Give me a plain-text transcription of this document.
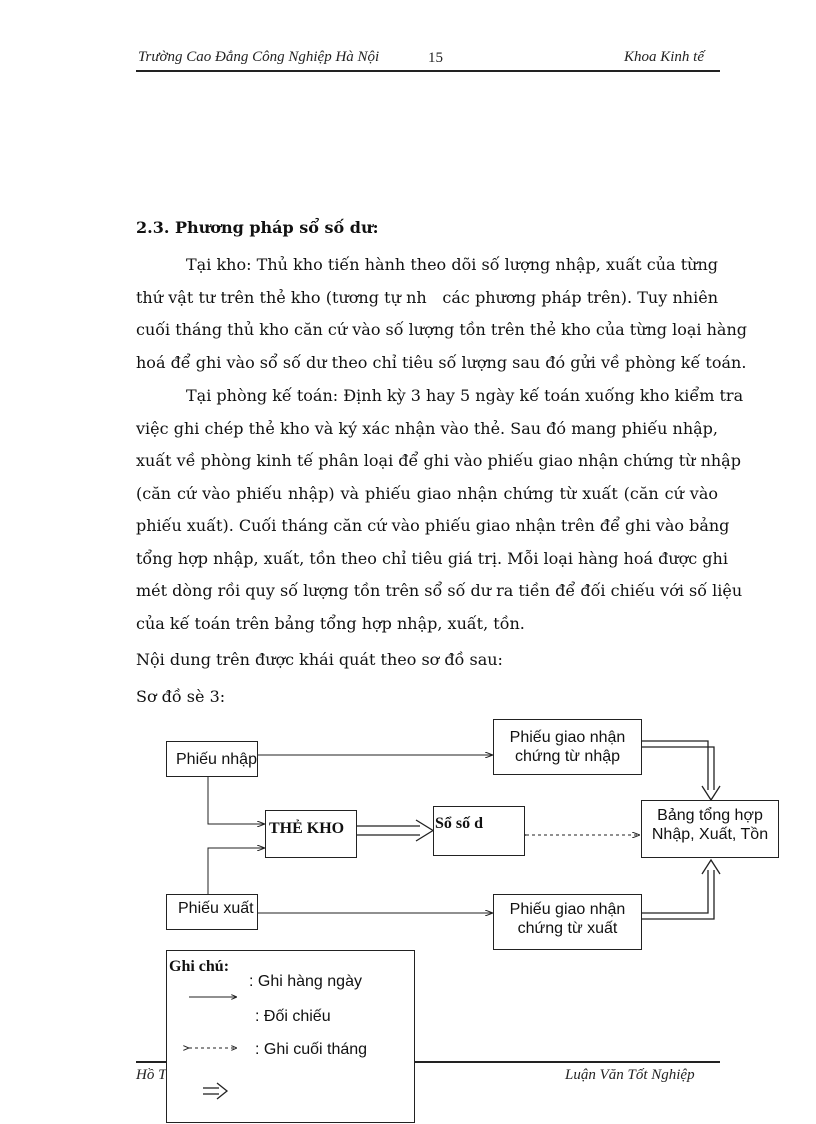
Trường Cao Đẳng Công Nghiệp Hà Nội	15	Khoa Kinh tế
2.3. Phương pháp sổ số dư:
Tại kho: Thủ kho tiến hành theo dõi số lượng nhập, xuất của từng
thứ vật tư trên thẻ kho (tương tự nh   các phương pháp trên). Tuy nhiên
cuối tháng thủ kho căn cứ vào số lượng tồn trên thẻ kho của từng loại hàng
hoá để ghi vào sổ số dư theo chỉ tiêu số lượng sau đó gửi về phòng kế toán.
Tại phòng kế toán: Định kỳ 3 hay 5 ngày kế toán xuống kho kiểm tra
việc ghi chép thẻ kho và ký xác nhận vào thẻ. Sau đó mang phiếu nhập,
xuất về phòng kinh tế phân loại để ghi vào phiếu giao nhận chứng từ nhập
(căn cứ vào phiếu nhập) và phiếu giao nhận chứng từ xuất (căn cứ vào
phiếu xuất). Cuối tháng căn cứ vào phiếu giao nhận trên để ghi vào bảng
tổng hợp nhập, xuất, tồn theo chỉ tiêu giá trị. Mỗi loại hàng hoá được ghi
mét dòng rồi quy số lượng tồn trên sổ số dư ra tiền để đối chiếu với số liệu
của kế toán trên bảng tổng hợp nhập, xuất, tồn.
Nội dung trên được khái quát theo sơ đồ sau:
Sơ đồ sè 3:
Phiếu nhập
Phiếu xuất
THẺ KHO	Sổ số d
Phiếu giao nhận
chứng từ nhập
Phiếu giao nhận
chứng từ xuất
Bảng tổng hợp
Nhập, Xuất, Tồn
Hồ T	Luận Văn Tốt Nghiệp
Ghi chú:
: Ghi hàng ngày
: Đối chiếu
: Ghi cuối tháng
